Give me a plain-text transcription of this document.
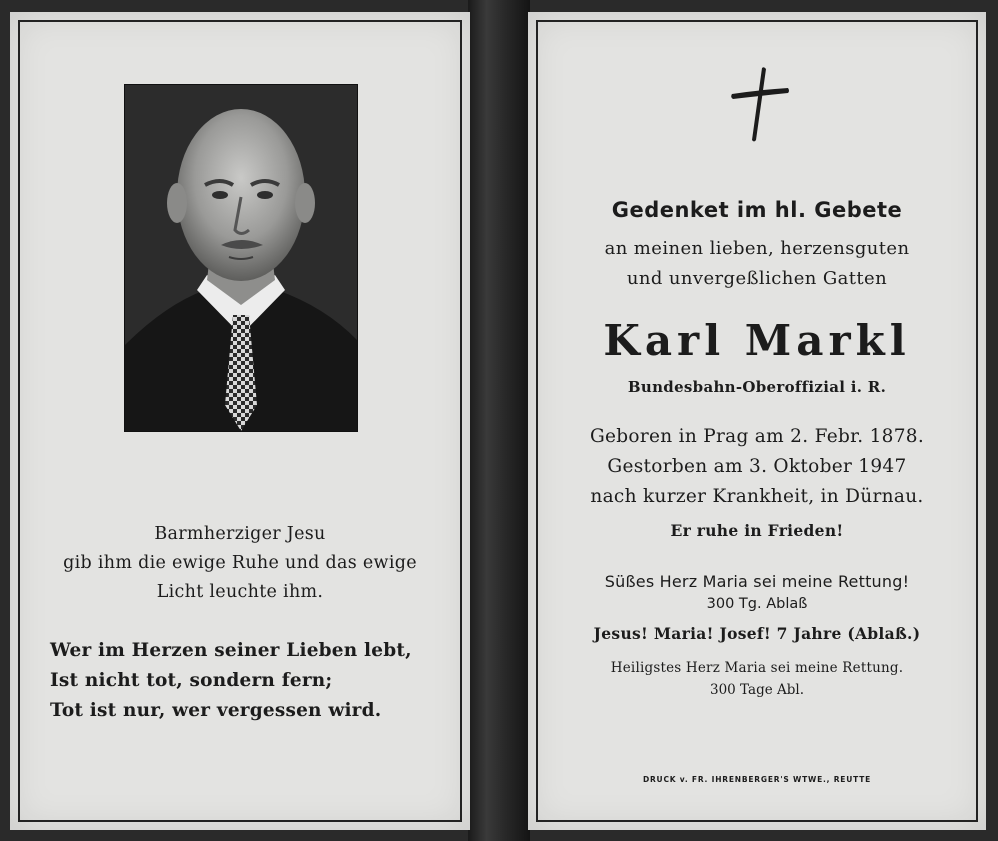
Barmherziger Jesu
gib ihm die ewige Ruhe und das ewige
Licht leuchte ihm.
Wer im Herzen seiner Lieben lebt,
Ist nicht tot, sondern fern;
Tot ist nur, wer vergessen wird.
Gedenket im hl. Gebete
an meinen lieben, herzensguten
und unvergeßlichen Gatten
Karl Markl
Bundesbahn-Oberoffizial i. R.
Geboren in Prag am 2. Febr. 1878.
Gestorben am 3. Oktober 1947
nach kurzer Krankheit, in Dürnau.
Er ruhe in Frieden!
Süßes Herz Maria sei meine Rettung!
300 Tg. Ablaß
Jesus! Maria! Josef! 7 Jahre (Ablaß.)
Heiligstes Herz Maria sei meine Rettung.
300 Tage Abl.
DRUCK v. FR. IHRENBERGER'S WTWE., REUTTE
